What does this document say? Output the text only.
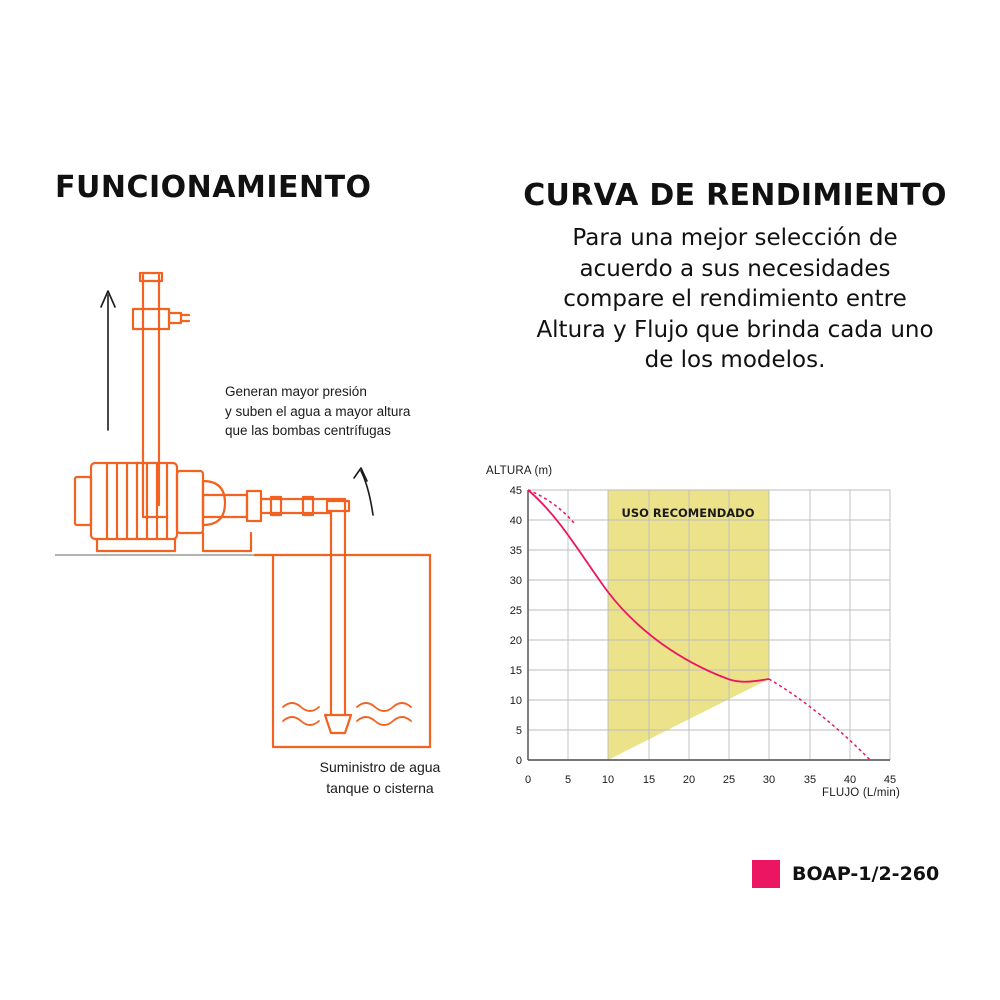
FUNCIONAMIENTO
Generan mayor presión
y suben el agua a mayor altura
que las bombas centrífugas
Suministro de agua
tanque o cisterna
CURVA DE RENDIMIENTO

Para una mejor selección de
acuerdo a sus necesidades
compare el rendimiento entre
Altura y Flujo que brinda cada uno
de los modelos.

ALTURA (m)
FLUJO (L/min)
USO RECOMENDADO
45
40
35
30
25
20
15
10
5
0
0	5	10	15	20	25	30	35	40	45
BOAP-1/2-260
